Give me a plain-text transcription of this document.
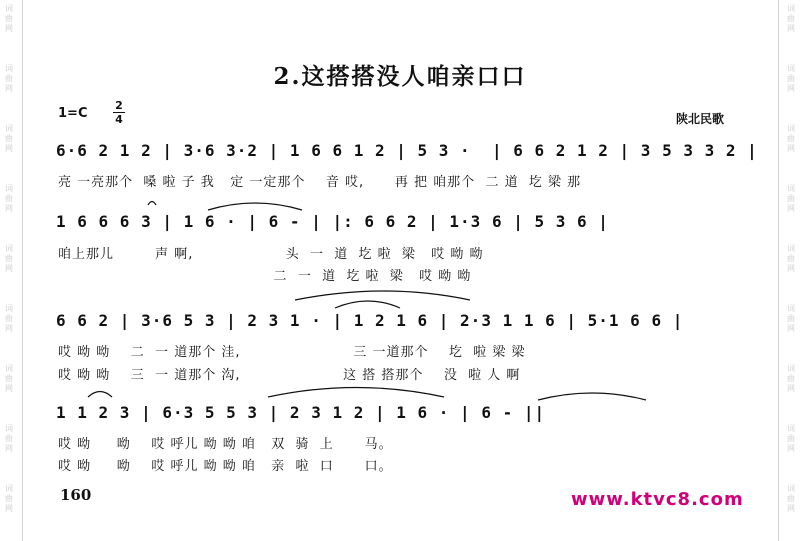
词
曲
网
词
曲
网
词
曲
网
词
曲
网
词
曲
网
词
曲
网
词
曲
网
词
曲
网
词
曲
网
词
曲
网
词
曲
网
词
曲
网
词
曲
网
词
曲
网
词
曲
网
词
曲
网
词
曲
网
词
曲
网
2.这搭搭没人咱亲口口
1=C
2
4	陕北民歌
6·6 2 1 2 | 3·6 3·2 | 1 6 6 1 2 | 5 3 ·  | 6 6 2 1 2 | 3 5 3 3 2 |
亮 一亮那个  嗓 啦 子 我   定 一定那个    音 哎,      再 把 咱那个  二 道  圪 梁 那
1 6 6 6 3 | 1 6 · | 6 - | |: 6 6 2 | 1·3 6 | 5 3 6 |
咱上那儿        声 啊,                  头  一  道  圪 啦  梁   哎 呦 呦
二  一  道  圪 啦  梁   哎 呦 呦
6 6 2 | 3·6 5 3 | 2 3 1 · | 1 2 1 6 | 2·3 1 1 6 | 5·1 6 6 |
哎 呦 呦    二  一 道那个 洼,                      三 一道那个    圪  啦 梁 梁
哎 呦 呦    三  一 道那个 沟,                    这 搭 搭那个    没  啦 人 啊
1 1 2 3 | 6·3 5 5 3 | 2 3 1 2 | 1 6 · | 6 - ||
哎 呦     呦    哎 呼儿 呦 呦 咱   双  骑  上      马。
哎 呦     呦    哎 呼儿 呦 呦 咱   亲  啦  口      口。
160	www.ktvc8.com
